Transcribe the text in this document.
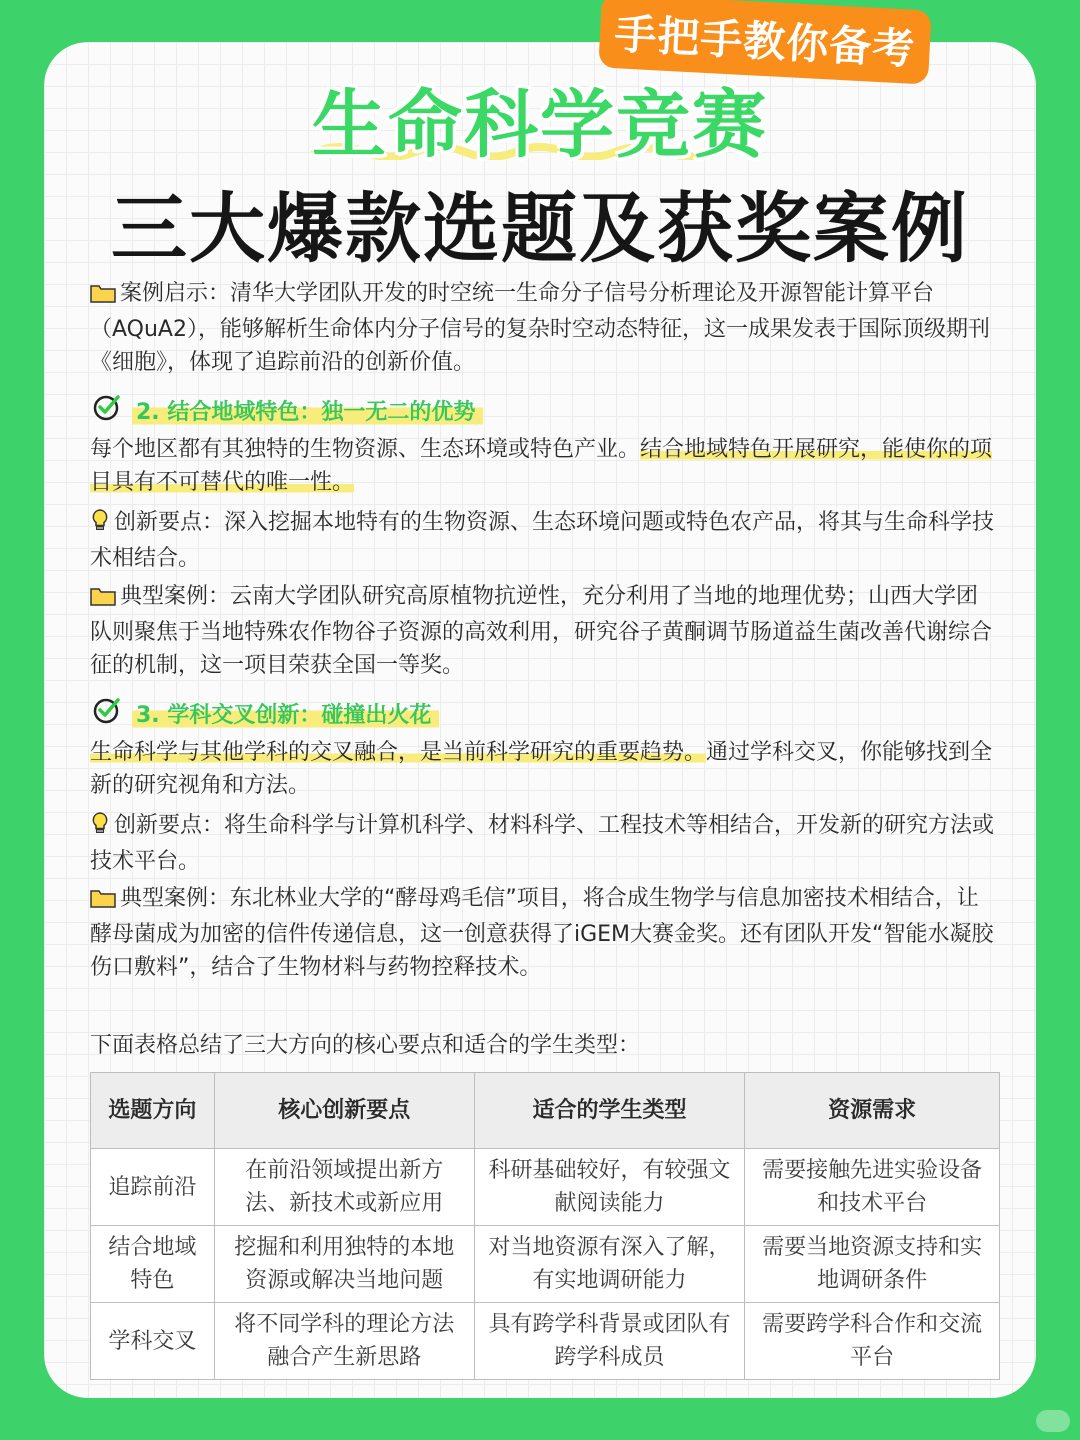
手把手教你备考
生命科学竞赛
三大爆款选题及获奖案例

案例启示：清华大学团队开发的时空统一生命分子信号分析理论及开源智能计算平台（AQuA2），能够解析生命体内分子信号的复杂时空动态特征，这一成果发表于国际顶级期刊《细胞》，体现了追踪前沿的创新价值。

2. 结合地域特色：独一无二的优势

每个地区都有其独特的生物资源、生态环境或特色产业。结合地域特色开展研究，能使你的项目具有不可替代的唯一性。

创新要点：深入挖掘本地特有的生物资源、生态环境问题或特色农产品，将其与生命科学技术相结合。

典型案例：云南大学团队研究高原植物抗逆性，充分利用了当地的地理优势；山西大学团队则聚焦于当地特殊农作物谷子资源的高效利用，研究谷子黄酮调节肠道益生菌改善代谢综合征的机制，这一项目荣获全国一等奖。

3. 学科交叉创新：碰撞出火花

生命科学与其他学科的交叉融合，是当前科学研究的重要趋势。通过学科交叉，你能够找到全新的研究视角和方法。

创新要点：将生命科学与计算机科学、材料科学、工程技术等相结合，开发新的研究方法或技术平台。

典型案例：东北林业大学的“酵母鸡毛信”项目，将合成生物学与信息加密技术相结合，让酵母菌成为加密的信件传递信息，这一创意获得了iGEM大赛金奖。还有团队开发“智能水凝胶伤口敷料”，结合了生物材料与药物控释技术。

下面表格总结了三大方向的核心要点和适合的学生类型：

选题方向	核心创新要点	适合的学生类型	资源需求
追踪前沿	在前沿领域提出新方法、新技术或新应用	科研基础较好，有较强文献阅读能力	需要接触先进实验设备和技术平台
结合地域特色	挖掘和利用独特的本地资源或解决当地问题	对当地资源有深入了解，有实地调研能力	需要当地资源支持和实地调研条件
学科交叉	将不同学科的理论方法融合产生新思路	具有跨学科背景或团队有跨学科成员	需要跨学科合作和交流平台
